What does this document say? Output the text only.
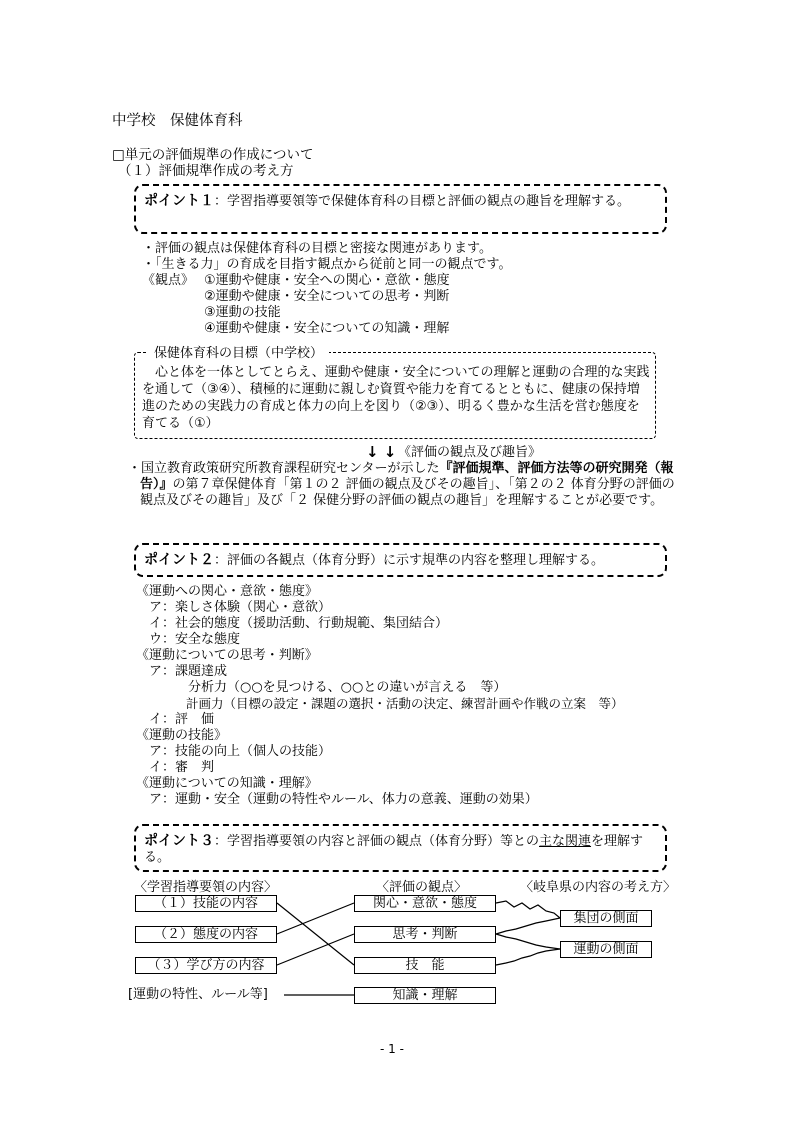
中学校　保健体育科
□単元の評価規準の作成について
（１）評価規準作成の考え方
ポイント１：学習指導要領等で保健体育科の目標と評価の観点の趣旨を理解する。
・評価の観点は保健体育科の目標と密接な関連があります。
・「生きる力」の育成を目指す観点から従前と同一の観点です。
《観点》 ①運動や健康・安全への関心・意欲・態度
②運動や健康・安全についての思考・判断
③運動の技能
④運動や健康・安全についての知識・理解
保健体育科の目標（中学校）
　心と体を一体としてとらえ、運動や健康・安全についての理解と運動の合理的な実践を通して（③④）、積極的に運動に親しむ資質や能力を育てるとともに、健康の保持増進のための実践力の育成と体力の向上を図り（②③）、明るく豊かな生活を営む態度を育てる（①）
↓ ↓ 《評価の観点及び趣旨》
・国立教育政策研究所教育課程研究センターが示した『評価規準、評価方法等の研究開発（報告）』の第７章保健体育「第１の２ 評価の観点及びその趣旨」、「第２の２ 体育分野の評価の観点及びその趣旨」及び「２ 保健分野の評価の観点の趣旨」を理解することが必要です。
ポイント２：評価の各観点（体育分野）に示す規準の内容を整理し理解する。
《運動への関心・意欲・態度》
　ア：楽しさ体験（関心・意欲）
　イ：社会的態度（援助活動、行動規範、集団結合）
　ウ：安全な態度
《運動についての思考・判断》
　ア：課題達成
　　　　分析力（○○を見つける、○○との違いが言える　等）
　　　　計画力（目標の設定・課題の選択・活動の決定、練習計画や作戦の立案　等）
　イ：評　価
《運動の技能》
　ア：技能の向上（個人の技能）
　イ：審　判
《運動についての知識・理解》
　ア：運動・安全（運動の特性やルール、体力の意義、運動の効果）
ポイント３：学習指導要領の内容と評価の観点（体育分野）等との主な関連を理解する。
〈学習指導要領の内容〉	〈評価の観点〉	〈岐阜県の内容の考え方〉
（１）技能の内容
（２）態度の内容
（３）学び方の内容
関心・意欲・態度
思考・判断
技　能
知識・理解
集団の側面
運動の側面
[運動の特性、ルール等]
- 1 -
